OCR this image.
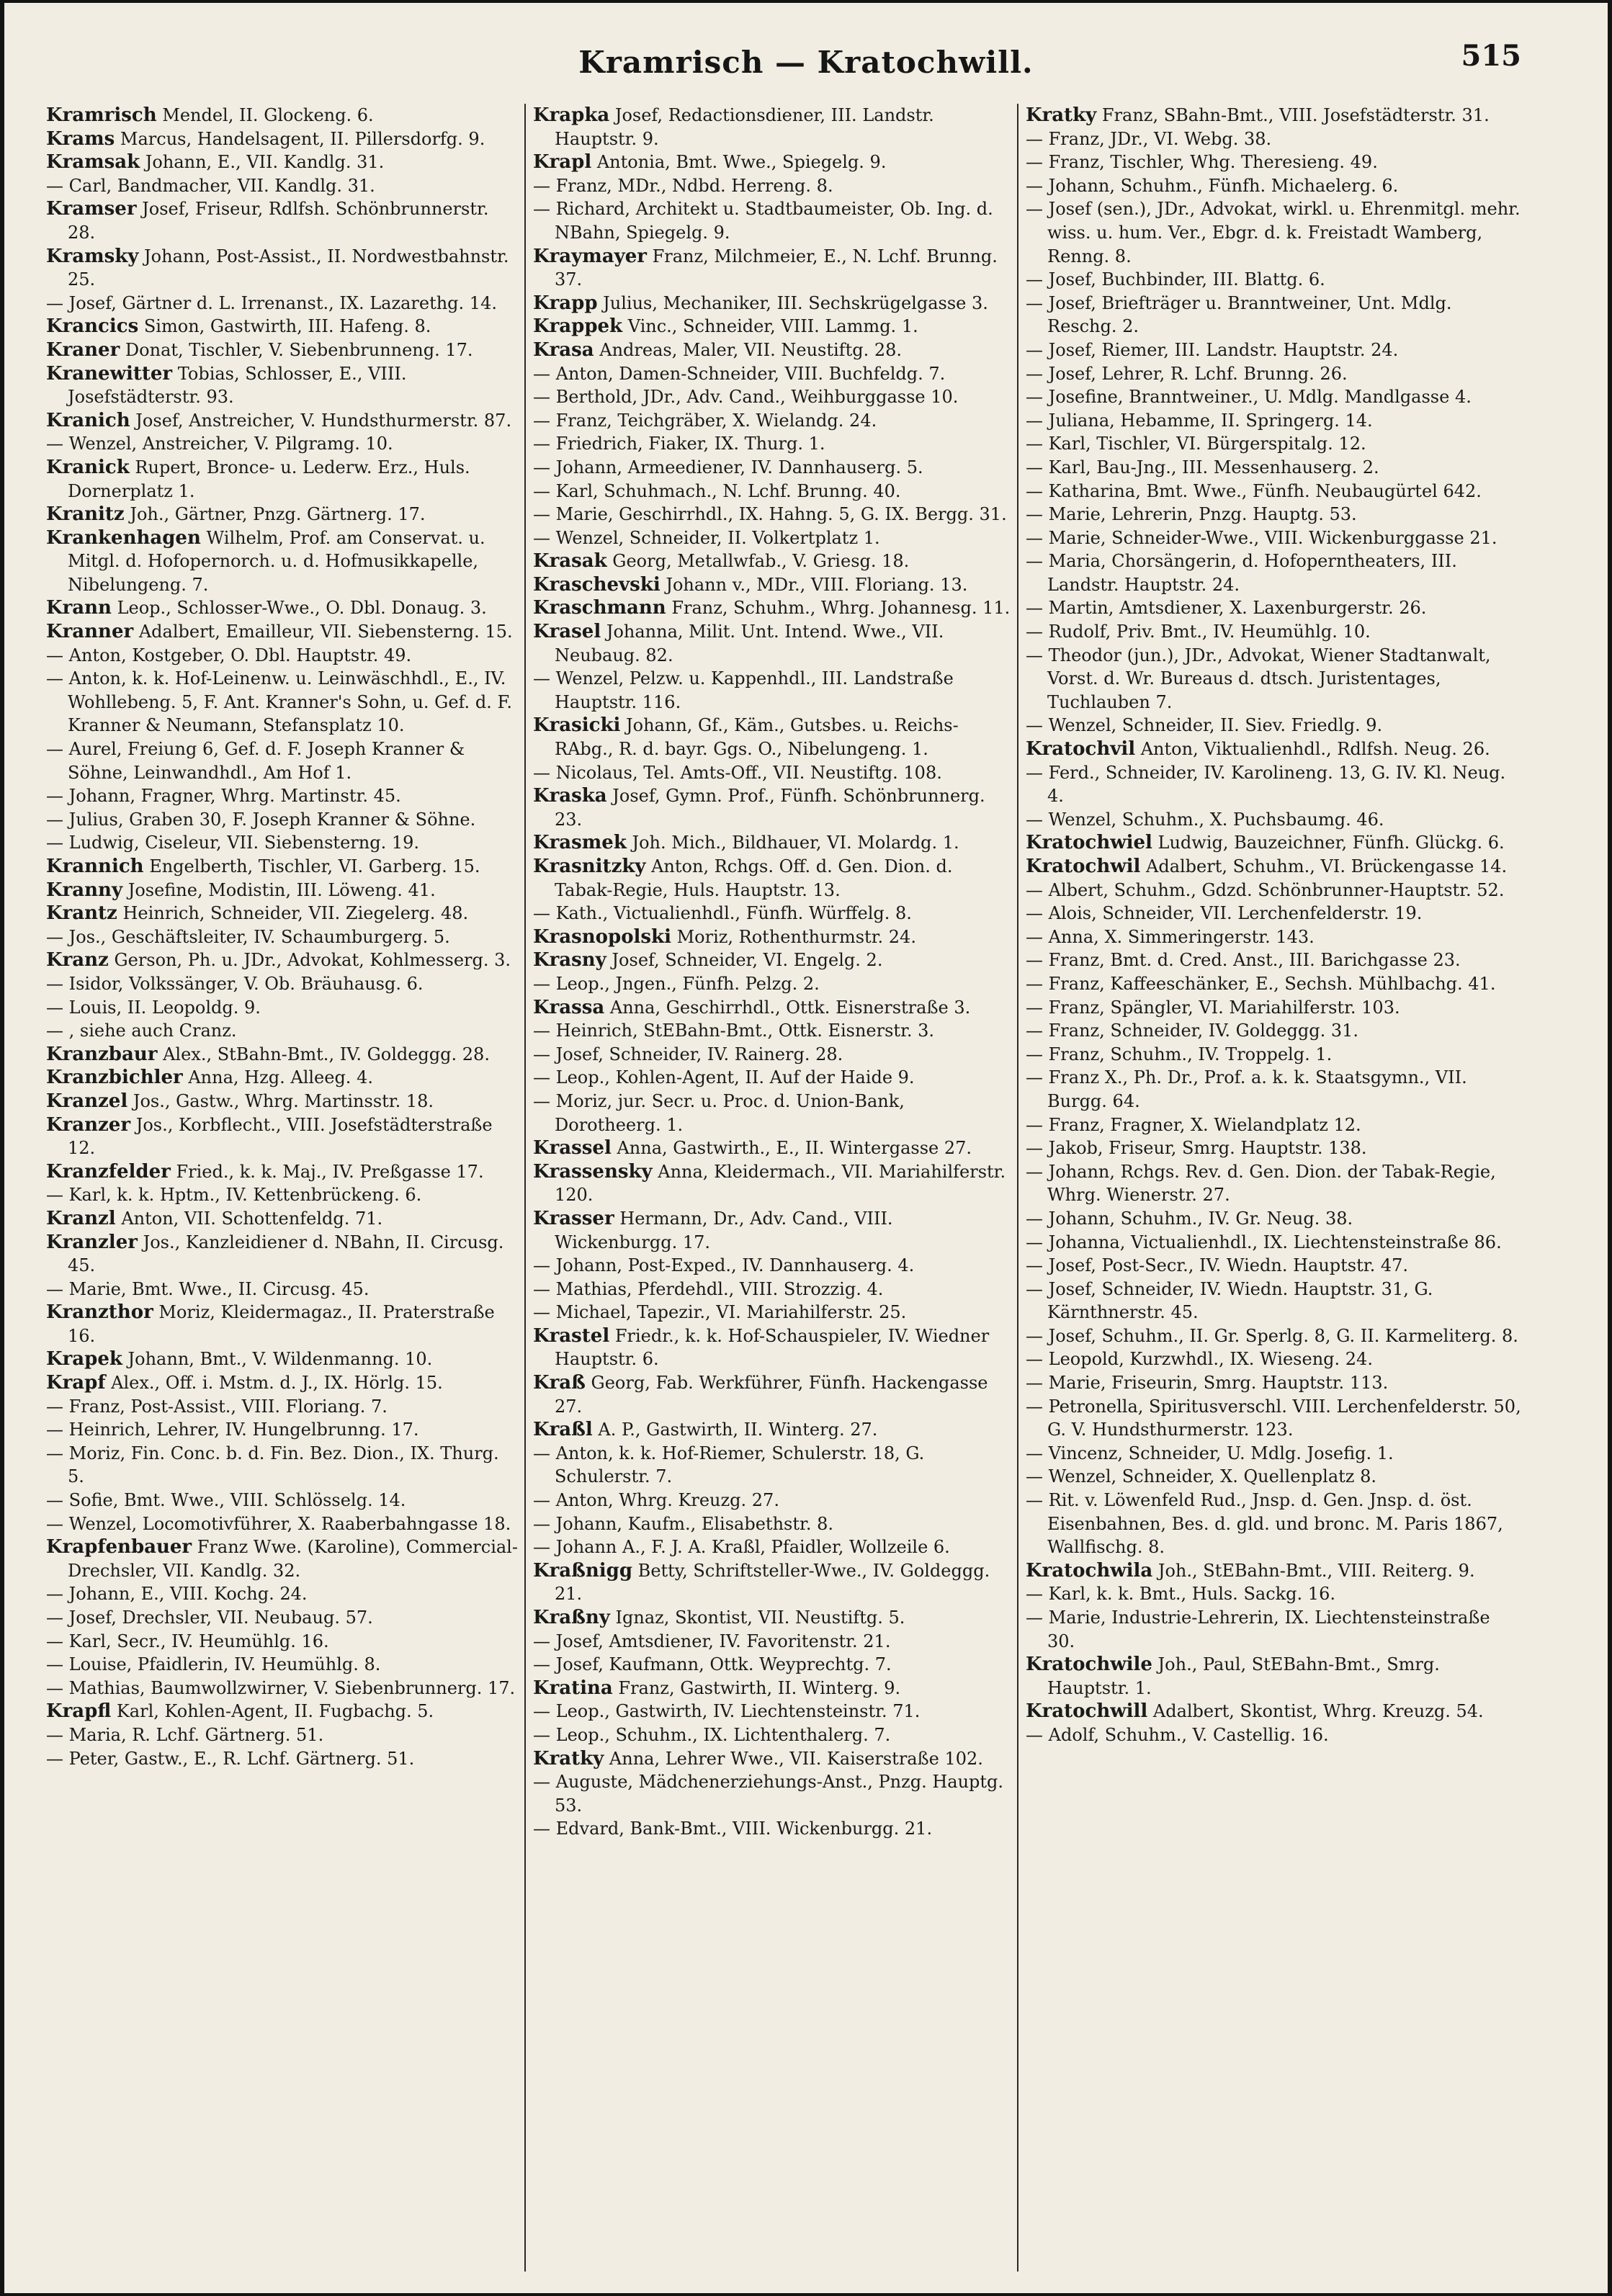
Kramrisch — Kratochwill.	515

Kramrisch Mendel, II. Glockeng. 6.

Krams Marcus, Handelsagent, II. Pillersdorfg. 9.

Kramsak Johann, E., VII. Kandlg. 31.

— Carl, Bandmacher, VII. Kandlg. 31.

Kramser Josef, Friseur, Rdlfsh. Schönbrunnerstr. 28.

Kramsky Johann, Post-Assist., II. Nordwestbahnstr. 25.

— Josef, Gärtner d. L. Irrenanst., IX. Lazarethg. 14.

Krancics Simon, Gastwirth, III. Hafeng. 8.

Kraner Donat, Tischler, V. Siebenbrunneng. 17.

Kranewitter Tobias, Schlosser, E., VIII. Josefstädterstr. 93.

Kranich Josef, Anstreicher, V. Hundsthurmerstr. 87.

— Wenzel, Anstreicher, V. Pilgramg. 10.

Kranick Rupert, Bronce- u. Lederw. Erz., Huls. Dornerplatz 1.

Kranitz Joh., Gärtner, Pnzg. Gärtnerg. 17.

Krankenhagen Wilhelm, Prof. am Conservat. u. Mitgl. d. Hofopernorch. u. d. Hofmusikkapelle, Nibelungeng. 7.

Krann Leop., Schlosser-Wwe., O. Dbl. Donaug. 3.

Kranner Adalbert, Emailleur, VII. Siebensterng. 15.

— Anton, Kostgeber, O. Dbl. Hauptstr. 49.

— Anton, k. k. Hof-Leinenw. u. Leinwäschhdl., E., IV. Wohllebeng. 5, F. Ant. Kranner's Sohn, u. Gef. d. F. Kranner & Neumann, Stefansplatz 10.

— Aurel, Freiung 6, Gef. d. F. Joseph Kranner & Söhne, Leinwandhdl., Am Hof 1.

— Johann, Fragner, Whrg. Martinstr. 45.

— Julius, Graben 30, F. Joseph Kranner & Söhne.

— Ludwig, Ciseleur, VII. Siebensterng. 19.

Krannich Engelberth, Tischler, VI. Garberg. 15.

Kranny Josefine, Modistin, III. Löweng. 41.

Krantz Heinrich, Schneider, VII. Ziegelerg. 48.

— Jos., Geschäftsleiter, IV. Schaumburgerg. 5.

Kranz Gerson, Ph. u. JDr., Advokat, Kohlmesserg. 3.

— Isidor, Volkssänger, V. Ob. Bräuhausg. 6.

— Louis, II. Leopoldg. 9.

— , siehe auch Cranz.

Kranzbaur Alex., StBahn-Bmt., IV. Goldeggg. 28.

Kranzbichler Anna, Hzg. Alleeg. 4.

Kranzel Jos., Gastw., Whrg. Martinsstr. 18.

Kranzer Jos., Korbflecht., VIII. Josefstädterstraße 12.

Kranzfelder Fried., k. k. Maj., IV. Preßgasse 17.

— Karl, k. k. Hptm., IV. Kettenbrückeng. 6.

Kranzl Anton, VII. Schottenfeldg. 71.

Kranzler Jos., Kanzleidiener d. NBahn, II. Circusg. 45.

— Marie, Bmt. Wwe., II. Circusg. 45.

Kranzthor Moriz, Kleidermagaz., II. Praterstraße 16.

Krapek Johann, Bmt., V. Wildenmanng. 10.

Krapf Alex., Off. i. Mstm. d. J., IX. Hörlg. 15.

— Franz, Post-Assist., VIII. Floriang. 7.

— Heinrich, Lehrer, IV. Hungelbrunng. 17.

— Moriz, Fin. Conc. b. d. Fin. Bez. Dion., IX. Thurg. 5.

— Sofie, Bmt. Wwe., VIII. Schlösselg. 14.

— Wenzel, Locomotivführer, X. Raaberbahngasse 18.

Krapfenbauer Franz Wwe. (Karoline), Commercial-Drechsler, VII. Kandlg. 32.

— Johann, E., VIII. Kochg. 24.

— Josef, Drechsler, VII. Neubaug. 57.

— Karl, Secr., IV. Heumühlg. 16.

— Louise, Pfaidlerin, IV. Heumühlg. 8.

— Mathias, Baumwollzwirner, V. Siebenbrunnerg. 17.

Krapfl Karl, Kohlen-Agent, II. Fugbachg. 5.

— Maria, R. Lchf. Gärtnerg. 51.

— Peter, Gastw., E., R. Lchf. Gärtnerg. 51.

Krapka Josef, Redactionsdiener, III. Landstr. Hauptstr. 9.

Krapl Antonia, Bmt. Wwe., Spiegelg. 9.

— Franz, MDr., Ndbd. Herreng. 8.

— Richard, Architekt u. Stadtbaumeister, Ob. Ing. d. NBahn, Spiegelg. 9.

Kraymayer Franz, Milchmeier, E., N. Lchf. Brunng. 37.

Krapp Julius, Mechaniker, III. Sechskrügelgasse 3.

Krappek Vinc., Schneider, VIII. Lammg. 1.

Krasa Andreas, Maler, VII. Neustiftg. 28.

— Anton, Damen-Schneider, VIII. Buchfeldg. 7.

— Berthold, JDr., Adv. Cand., Weihburggasse 10.

— Franz, Teichgräber, X. Wielandg. 24.

— Friedrich, Fiaker, IX. Thurg. 1.

— Johann, Armeediener, IV. Dannhauserg. 5.

— Karl, Schuhmach., N. Lchf. Brunng. 40.

— Marie, Geschirrhdl., IX. Hahng. 5, G. IX. Bergg. 31.

— Wenzel, Schneider, II. Volkertplatz 1.

Krasak Georg, Metallwfab., V. Griesg. 18.

Kraschevski Johann v., MDr., VIII. Floriang. 13.

Kraschmann Franz, Schuhm., Whrg. Johannesg. 11.

Krasel Johanna, Milit. Unt. Intend. Wwe., VII. Neubaug. 82.

— Wenzel, Pelzw. u. Kappenhdl., III. Landstraße Hauptstr. 116.

Krasicki Johann, Gf., Käm., Gutsbes. u. Reichs-RAbg., R. d. bayr. Ggs. O., Nibelungeng. 1.

— Nicolaus, Tel. Amts-Off., VII. Neustiftg. 108.

Kraska Josef, Gymn. Prof., Fünfh. Schönbrunnerg. 23.

Krasmek Joh. Mich., Bildhauer, VI. Molardg. 1.

Krasnitzky Anton, Rchgs. Off. d. Gen. Dion. d. Tabak-Regie, Huls. Hauptstr. 13.

— Kath., Victualienhdl., Fünfh. Würffelg. 8.

Krasnopolski Moriz, Rothenthurmstr. 24.

Krasny Josef, Schneider, VI. Engelg. 2.

— Leop., Jngen., Fünfh. Pelzg. 2.

Krassa Anna, Geschirrhdl., Ottk. Eisnerstraße 3.

— Heinrich, StEBahn-Bmt., Ottk. Eisnerstr. 3.

— Josef, Schneider, IV. Rainerg. 28.

— Leop., Kohlen-Agent, II. Auf der Haide 9.

— Moriz, jur. Secr. u. Proc. d. Union-Bank, Dorotheerg. 1.

Krassel Anna, Gastwirth., E., II. Wintergasse 27.

Krassensky Anna, Kleidermach., VII. Mariahilferstr. 120.

Krasser Hermann, Dr., Adv. Cand., VIII. Wickenburgg. 17.

— Johann, Post-Exped., IV. Dannhauserg. 4.

— Mathias, Pferdehdl., VIII. Strozzig. 4.

— Michael, Tapezir., VI. Mariahilferstr. 25.

Krastel Friedr., k. k. Hof-Schauspieler, IV. Wiedner Hauptstr. 6.

Kraß Georg, Fab. Werkführer, Fünfh. Hackengasse 27.

Kraßl A. P., Gastwirth, II. Winterg. 27.

— Anton, k. k. Hof-Riemer, Schulerstr. 18, G. Schulerstr. 7.

— Anton, Whrg. Kreuzg. 27.

— Johann, Kaufm., Elisabethstr. 8.

— Johann A., F. J. A. Kraßl, Pfaidler, Wollzeile 6.

Kraßnigg Betty, Schriftsteller-Wwe., IV. Goldeggg. 21.

Kraßny Ignaz, Skontist, VII. Neustiftg. 5.

— Josef, Amtsdiener, IV. Favoritenstr. 21.

— Josef, Kaufmann, Ottk. Weyprechtg. 7.

Kratina Franz, Gastwirth, II. Winterg. 9.

— Leop., Gastwirth, IV. Liechtensteinstr. 71.

— Leop., Schuhm., IX. Lichtenthalerg. 7.

Kratky Anna, Lehrer Wwe., VII. Kaiserstraße 102.

— Auguste, Mädchenerziehungs-Anst., Pnzg. Hauptg. 53.

— Edvard, Bank-Bmt., VIII. Wickenburgg. 21.

Kratky Franz, SBahn-Bmt., VIII. Josefstädterstr. 31.

— Franz, JDr., VI. Webg. 38.

— Franz, Tischler, Whg. Theresieng. 49.

— Johann, Schuhm., Fünfh. Michaelerg. 6.

— Josef (sen.), JDr., Advokat, wirkl. u. Ehrenmitgl. mehr. wiss. u. hum. Ver., Ebgr. d. k. Freistadt Wamberg, Renng. 8.

— Josef, Buchbinder, III. Blattg. 6.

— Josef, Briefträger u. Branntweiner, Unt. Mdlg. Reschg. 2.

— Josef, Riemer, III. Landstr. Hauptstr. 24.

— Josef, Lehrer, R. Lchf. Brunng. 26.

— Josefine, Branntweiner., U. Mdlg. Mandlgasse 4.

— Juliana, Hebamme, II. Springerg. 14.

— Karl, Tischler, VI. Bürgerspitalg. 12.

— Karl, Bau-Jng., III. Messenhauserg. 2.

— Katharina, Bmt. Wwe., Fünfh. Neubaugürtel 642.

— Marie, Lehrerin, Pnzg. Hauptg. 53.

— Marie, Schneider-Wwe., VIII. Wickenburggasse 21.

— Maria, Chorsängerin, d. Hofoperntheaters, III. Landstr. Hauptstr. 24.

— Martin, Amtsdiener, X. Laxenburgerstr. 26.

— Rudolf, Priv. Bmt., IV. Heumühlg. 10.

— Theodor (jun.), JDr., Advokat, Wiener Stadtanwalt, Vorst. d. Wr. Bureaus d. dtsch. Juristentages, Tuchlauben 7.

— Wenzel, Schneider, II. Siev. Friedlg. 9.

Kratochvil Anton, Viktualienhdl., Rdlfsh. Neug. 26.

— Ferd., Schneider, IV. Karolineng. 13, G. IV. Kl. Neug. 4.

— Wenzel, Schuhm., X. Puchsbaumg. 46.

Kratochwiel Ludwig, Bauzeichner, Fünfh. Glückg. 6.

Kratochwil Adalbert, Schuhm., VI. Brückengasse 14.

— Albert, Schuhm., Gdzd. Schönbrunner-Hauptstr. 52.

— Alois, Schneider, VII. Lerchenfelderstr. 19.

— Anna, X. Simmeringerstr. 143.

— Franz, Bmt. d. Cred. Anst., III. Barichgasse 23.

— Franz, Kaffeeschänker, E., Sechsh. Mühlbachg. 41.

— Franz, Spängler, VI. Mariahilferstr. 103.

— Franz, Schneider, IV. Goldeggg. 31.

— Franz, Schuhm., IV. Troppelg. 1.

— Franz X., Ph. Dr., Prof. a. k. k. Staatsgymn., VII. Burgg. 64.

— Franz, Fragner, X. Wielandplatz 12.

— Jakob, Friseur, Smrg. Hauptstr. 138.

— Johann, Rchgs. Rev. d. Gen. Dion. der Tabak-Regie, Whrg. Wienerstr. 27.

— Johann, Schuhm., IV. Gr. Neug. 38.

— Johanna, Victualienhdl., IX. Liechtensteinstraße 86.

— Josef, Post-Secr., IV. Wiedn. Hauptstr. 47.

— Josef, Schneider, IV. Wiedn. Hauptstr. 31, G. Kärnthnerstr. 45.

— Josef, Schuhm., II. Gr. Sperlg. 8, G. II. Karmeliterg. 8.

— Leopold, Kurzwhdl., IX. Wieseng. 24.

— Marie, Friseurin, Smrg. Hauptstr. 113.

— Petronella, Spiritusverschl. VIII. Lerchenfelderstr. 50, G. V. Hundsthurmerstr. 123.

— Vincenz, Schneider, U. Mdlg. Josefig. 1.

— Wenzel, Schneider, X. Quellenplatz 8.

— Rit. v. Löwenfeld Rud., Jnsp. d. Gen. Jnsp. d. öst. Eisenbahnen, Bes. d. gld. und bronc. M. Paris 1867, Wallfischg. 8.

Kratochwila Joh., StEBahn-Bmt., VIII. Reiterg. 9.

— Karl, k. k. Bmt., Huls. Sackg. 16.

— Marie, Industrie-Lehrerin, IX. Liechtensteinstraße 30.

Kratochwile Joh., Paul, StEBahn-Bmt., Smrg. Hauptstr. 1.

Kratochwill Adalbert, Skontist, Whrg. Kreuzg. 54.

— Adolf, Schuhm., V. Castellig. 16.
